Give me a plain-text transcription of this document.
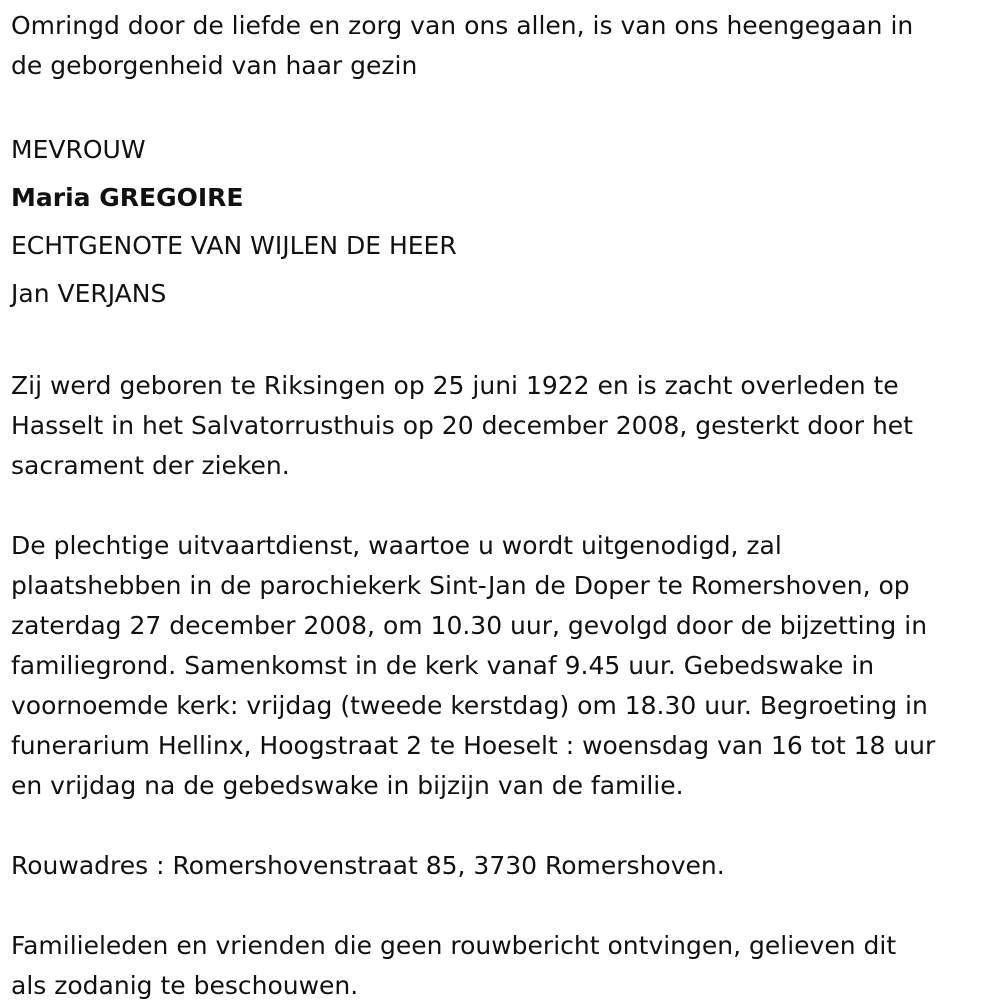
Omringd door de liefde en zorg van ons allen, is van ons heengegaan in
de geborgenheid van haar gezin
MEVROUW
Maria GREGOIRE
ECHTGENOTE VAN WIJLEN DE HEER
Jan VERJANS
Zij werd geboren te Riksingen op 25 juni 1922 en is zacht overleden te
Hasselt in het Salvatorrusthuis op 20 december 2008, gesterkt door het
sacrament der zieken.
De plechtige uitvaartdienst, waartoe u wordt uitgenodigd, zal
plaatshebben in de parochiekerk Sint-Jan de Doper te Romershoven, op
zaterdag 27 december 2008, om 10.30 uur, gevolgd door de bijzetting in
familiegrond. Samenkomst in de kerk vanaf 9.45 uur. Gebedswake in
voornoemde kerk: vrijdag (tweede kerstdag) om 18.30 uur. Begroeting in
funerarium Hellinx, Hoogstraat 2 te Hoeselt : woensdag van 16 tot 18 uur
en vrijdag na de gebedswake in bijzijn van de familie.
Rouwadres : Romershovenstraat 85, 3730 Romershoven.
Familieleden en vrienden die geen rouwbericht ontvingen, gelieven dit
als zodanig te beschouwen.
